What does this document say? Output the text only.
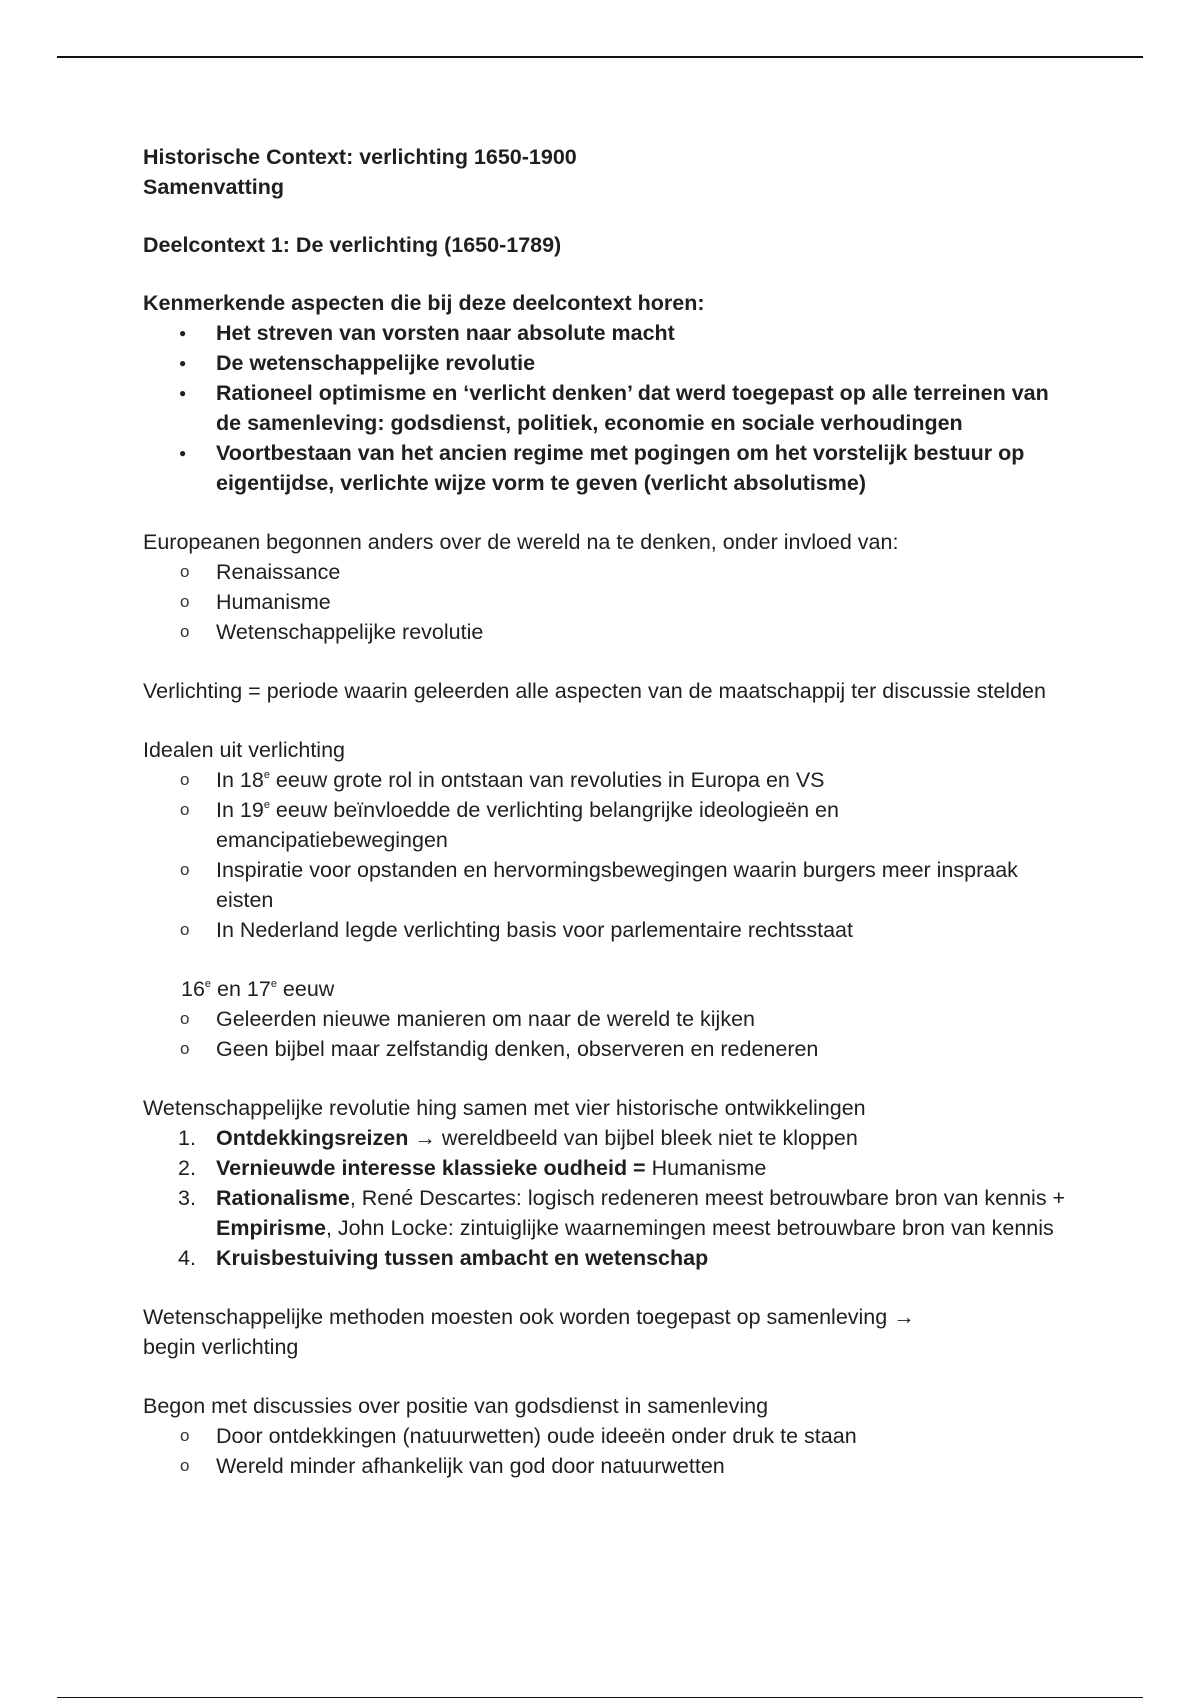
Historische Context: verlichting 1650-1900

Samenvatting

Deelcontext 1: De verlichting (1650-1789)

Kenmerkende aspecten die bij deze deelcontext horen:

● Het streven van vorsten naar absolute macht
● De wetenschappelijke revolutie
● Rationeel optimisme en ‘verlicht denken’ dat werd toegepast op alle terreinen van de samenleving: godsdienst, politiek, economie en sociale verhoudingen
● Voortbestaan van het ancien regime met pogingen om het vorstelijk bestuur op eigentijdse, verlichte wijze vorm te geven (verlicht absolutisme)

Europeanen begonnen anders over de wereld na te denken, onder invloed van:

o Renaissance
o Humanisme
o Wetenschappelijke revolutie

Verlichting = periode waarin geleerden alle aspecten van de maatschappij ter discussie stelden

Idealen uit verlichting

o In 18e eeuw grote rol in ontstaan van revoluties in Europa en VS
o In 19e eeuw beïnvloedde de verlichting belangrijke ideologieën en emancipatiebewegingen
o Inspiratie voor opstanden en hervormingsbewegingen waarin burgers meer inspraak eisten
o In Nederland legde verlichting basis voor parlementaire rechtsstaat

16e en 17e eeuw

o Geleerden nieuwe manieren om naar de wereld te kijken
o Geen bijbel maar zelfstandig denken, observeren en redeneren

Wetenschappelijke revolutie hing samen met vier historische ontwikkelingen

1. Ontdekkingsreizen → wereldbeeld van bijbel bleek niet te kloppen
2. Vernieuwde interesse klassieke oudheid = Humanisme
3. Rationalisme, René Descartes: logisch redeneren meest betrouwbare bron van kennis + Empirisme, John Locke: zintuiglijke waarnemingen meest betrouwbare bron van kennis
4. Kruisbestuiving tussen ambacht en wetenschap

Wetenschappelijke methoden moesten ook worden toegepast op samenleving →
begin verlichting

Begon met discussies over positie van godsdienst in samenleving

o Door ontdekkingen (natuurwetten) oude ideeën onder druk te staan
o Wereld minder afhankelijk van god door natuurwetten
